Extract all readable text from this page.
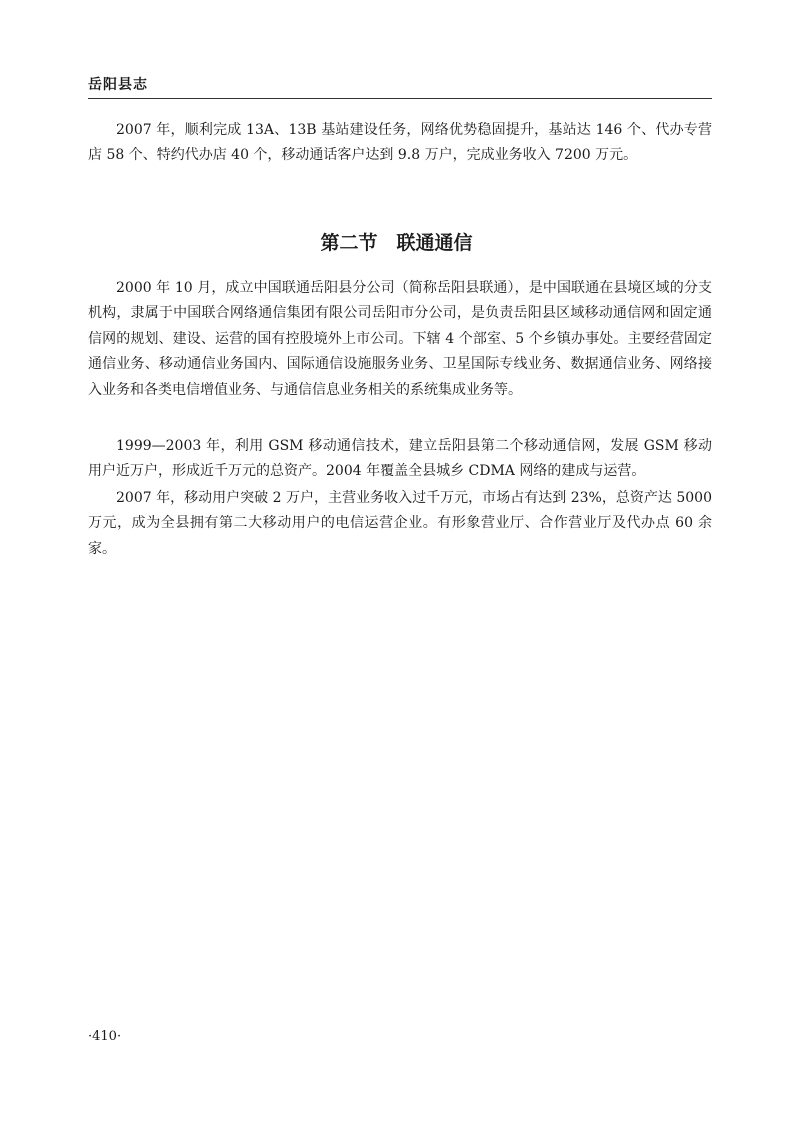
岳阳县志

2007 年，顺利完成 13A、13B 基站建设任务，网络优势稳固提升，基站达 146 个、代办专营店 58 个、特约代办店 40 个，移动通话客户达到 9.8 万户，完成业务收入 7200 万元。

第二节　联通通信

2000 年 10 月，成立中国联通岳阳县分公司（简称岳阳县联通），是中国联通在县境区域的分支机构，隶属于中国联合网络通信集团有限公司岳阳市分公司，是负责岳阳县区域移动通信网和固定通信网的规划、建设、运营的国有控股境外上市公司。下辖 4 个部室、5 个乡镇办事处。主要经营固定通信业务、移动通信业务国内、国际通信设施服务业务、卫星国际专线业务、数据通信业务、网络接入业务和各类电信增值业务、与通信信息业务相关的系统集成业务等。

1999—2003 年，利用 GSM 移动通信技术，建立岳阳县第二个移动通信网，发展 GSM 移动用户近万户，形成近千万元的总资产。2004 年覆盖全县城乡 CDMA 网络的建成与运营。

2007 年，移动用户突破 2 万户，主营业务收入过千万元，市场占有达到 23%，总资产达 5000 万元，成为全县拥有第二大移动用户的电信运营企业。有形象营业厅、合作营业厅及代办点 60 余家。

·410·
